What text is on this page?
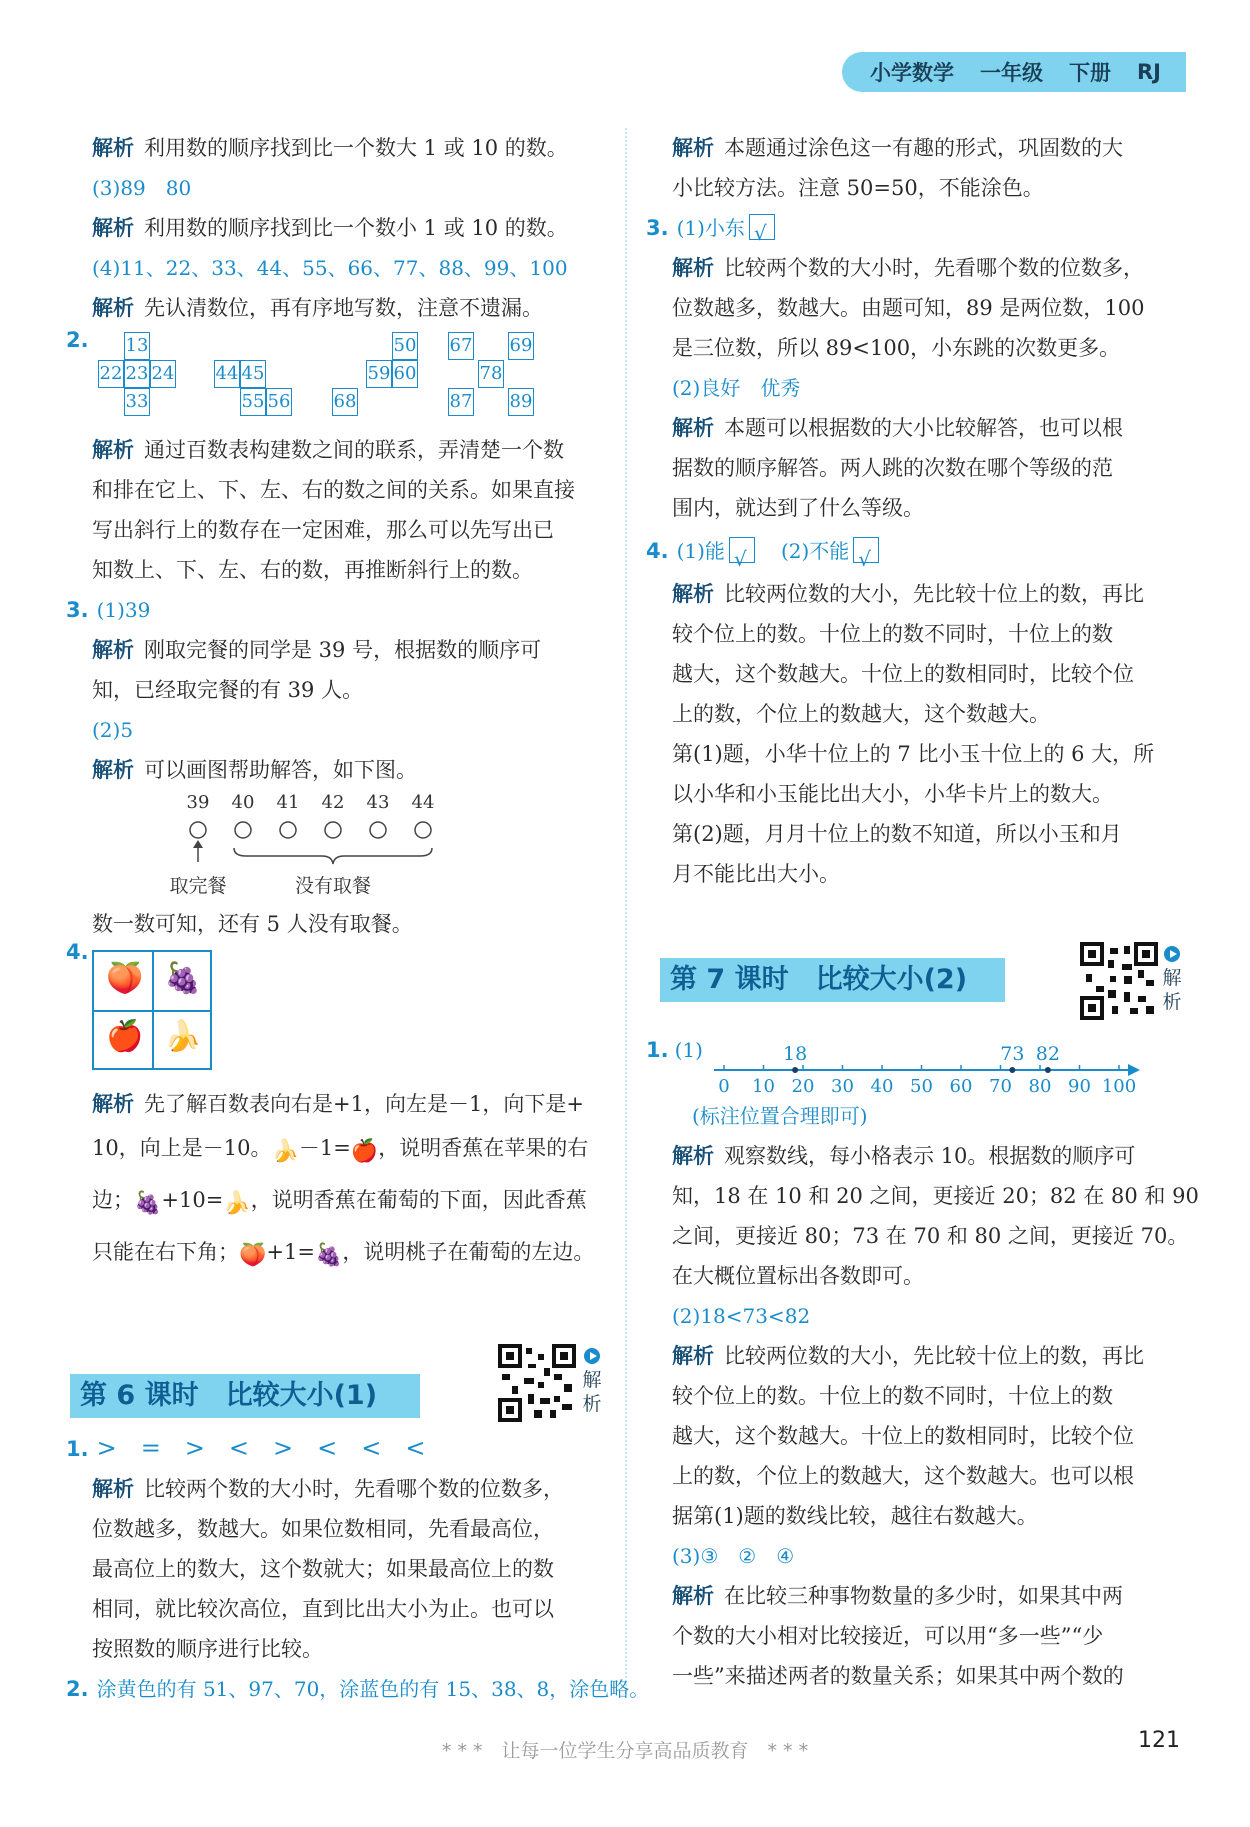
小学数学 一年级 下册 RJ
解析 利用数的顺序找到比一个数大 1 或 10 的数。
(3)89　80
解析 利用数的顺序找到比一个数小 1 或 10 的数。
(4)11、22、33、44、55、66、77、88、99、100
解析 先认清数位，再有序地写数，注意不遗漏。
2. 13
22 23 24
33
44 45
55 56
50
59 60
68
67 69
78
87 89
解析 通过百数表构建数之间的联系，弄清楚一个数
和排在它上、下、左、右的数之间的关系。如果直接
写出斜行上的数存在一定困难，那么可以先写出已
知数上、下、左、右的数，再推断斜行上的数。
3. (1)39
解析 刚取完餐的同学是 39 号，根据数的顺序可
知，已经取完餐的有 39 人。
(2)5
解析 可以画图帮助解答，如下图。
39 40 41 42 43 44
取完餐	没有取餐
数一数可知，还有 5 人没有取餐。
4.
🍑 🍇
🍎 🍌
解析 先了解百数表向右是+1，向左是－1，向下是+
10，向上是－10。🍌－1=🍎，说明香蕉在苹果的右
边；🍇+10=🍌，说明香蕉在葡萄的下面，因此香蕉
只能在右下角；🍑+1=🍇，说明桃子在葡萄的左边。
第 6 课时　比较大小(1)	解析
1. >　=　>　<　>　<　<　<
解析 比较两个数的大小时，先看哪个数的位数多，
位数越多，数越大。如果位数相同，先看最高位，
最高位上的数大，这个数就大；如果最高位上的数
相同，就比较次高位，直到比出大小为止。也可以
按照数的顺序进行比较。
2. 涂黄色的有 51、97、70，涂蓝色的有 15、38、8，涂色略。
解析 本题通过涂色这一有趣的形式，巩固数的大
小比较方法。注意 50=50，不能涂色。
3. (1)小东√
解析 比较两个数的大小时，先看哪个数的位数多，
位数越多，数越大。由题可知，89 是两位数，100
是三位数，所以 89<100，小东跳的次数更多。
(2)良好　优秀
解析 本题可以根据数的大小比较解答，也可以根
据数的顺序解答。两人跳的次数在哪个等级的范
围内，就达到了什么等级。
4. (1)能√	(2)不能√
解析 比较两位数的大小，先比较十位上的数，再比
较个位上的数。十位上的数不同时，十位上的数
越大，这个数越大。十位上的数相同时，比较个位
上的数，个位上的数越大，这个数越大。
第(1)题，小华十位上的 7 比小玉十位上的 6 大，所
以小华和小玉能比出大小，小华卡片上的数大。
第(2)题，月月十位上的数不知道，所以小玉和月
月不能比出大小。
第 7 课时　比较大小(2)	解析
1. (1)
0 10 20 30 40 50 60 70 80 90 100
18	73 82
(标注位置合理即可)
解析 观察数线，每小格表示 10。根据数的顺序可
知，18 在 10 和 20 之间，更接近 20；82 在 80 和 90
之间，更接近 80；73 在 70 和 80 之间，更接近 70。
在大概位置标出各数即可。
(2)18<73<82
解析 比较两位数的大小，先比较十位上的数，再比
较个位上的数。十位上的数不同时，十位上的数
越大，这个数越大。十位上的数相同时，比较个位
上的数，个位上的数越大，这个数越大。也可以根
据第(1)题的数线比较，越往右数越大。
(3)③　②　④
解析 在比较三种事物数量的多少时，如果其中两
个数的大小相对比较接近，可以用“多一些”“少
一些”来描述两者的数量关系；如果其中两个数的
* * *　让每一位学生分享高品质教育　* * *	121
